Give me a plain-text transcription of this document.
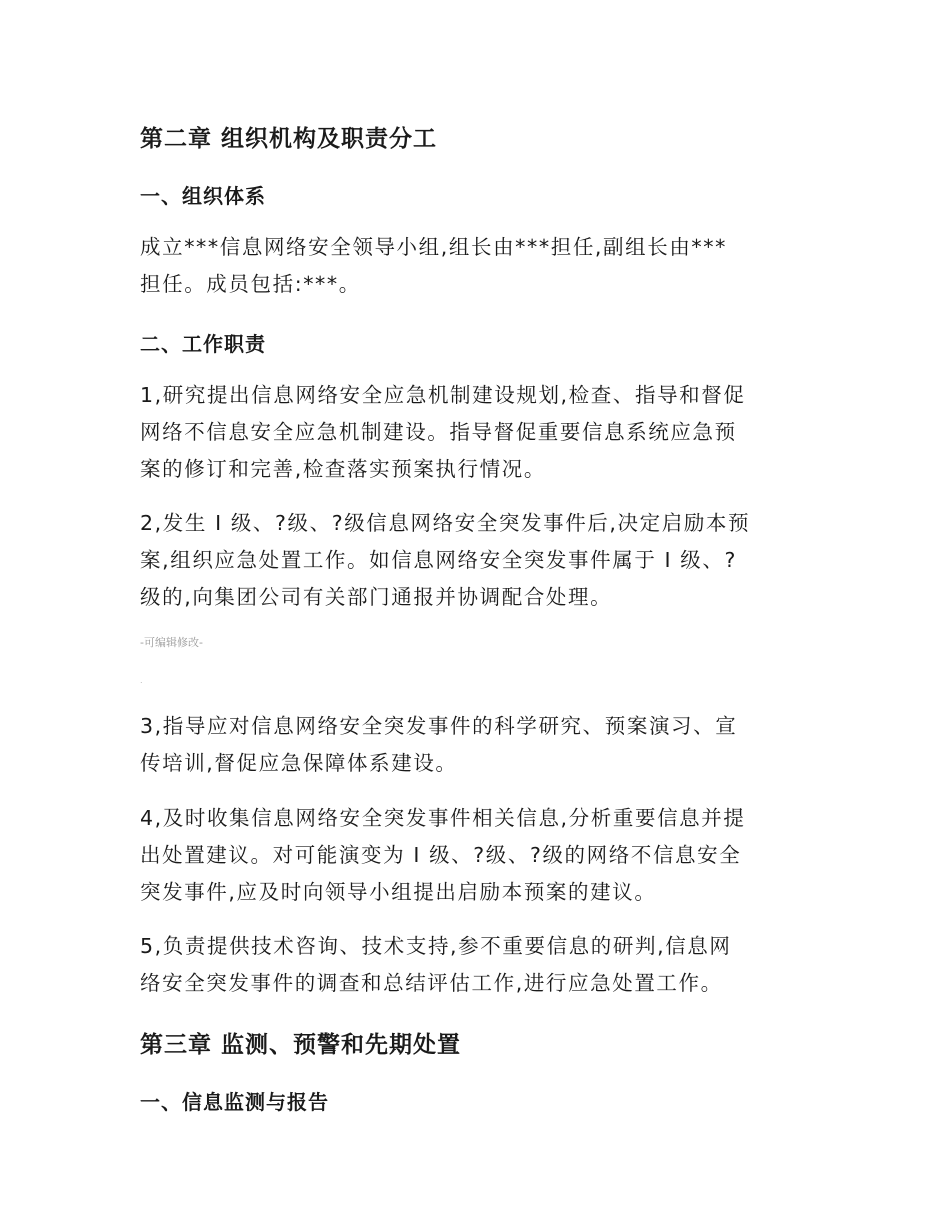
第二章 组织机构及职责分工
一、组织体系
成立***信息网络安全领导小组,组长由***担任,副组长由***
担任。成员包括:***。
二、工作职责
1,研究提出信息网络安全应急机制建设规划,检查、指导和督促
网络不信息安全应急机制建设。指导督促重要信息系统应急预
案的修订和完善,检查落实预案执行情况。
2,发生 I 级、?级、?级信息网络安全突发事件后,决定启励本预
案,组织应急处置工作。如信息网络安全突发事件属于 I 级、?
级的,向集团公司有关部门通报并协调配合处理。
-可编辑修改-
.
3,指导应对信息网络安全突发事件的科学研究、预案演习、宣
传培训,督促应急保障体系建设。
4,及时收集信息网络安全突发事件相关信息,分析重要信息并提
出处置建议。对可能演变为 I 级、?级、?级的网络不信息安全
突发事件,应及时向领导小组提出启励本预案的建议。
5,负责提供技术咨询、技术支持,参不重要信息的研判,信息网
络安全突发事件的调查和总结评估工作,进行应急处置工作。
第三章 监测、预警和先期处置
一、信息监测与报告
